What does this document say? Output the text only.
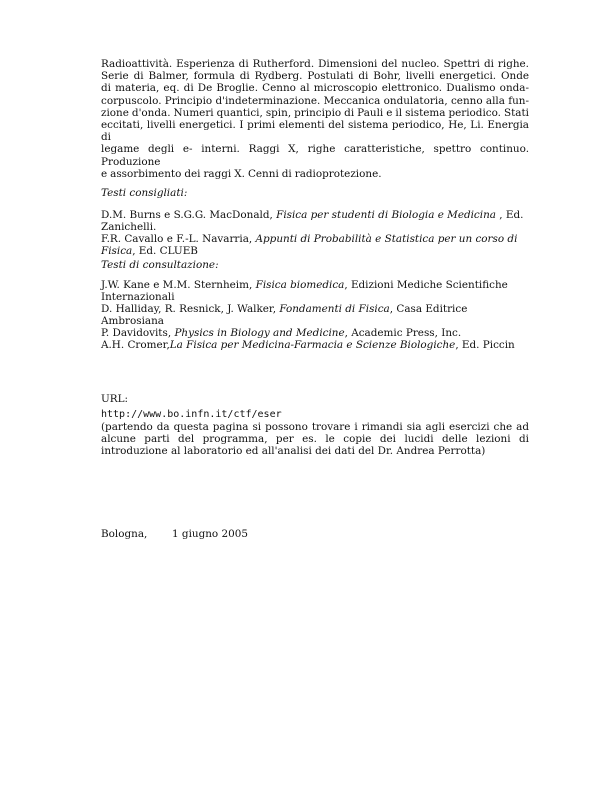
Radioattività. Esperienza di Rutherford. Dimensioni del nucleo. Spettri di righe.
Serie di Balmer, formula di Rydberg. Postulati di Bohr, livelli energetici. Onde
di materia, eq. di De Broglie. Cenno al microscopio elettronico. Dualismo onda-
corpuscolo. Principio d'indeterminazione. Meccanica ondulatoria, cenno alla fun-
zione d'onda. Numeri quantici, spin, principio di Pauli e il sistema periodico. Stati
eccitati, livelli energetici. I primi elementi del sistema periodico, He, Li. Energia di
legame degli e- interni. Raggi X, righe caratteristiche, spettro continuo. Produzione
e assorbimento dei raggi X. Cenni di radioprotezione.

Testi consigliati:

D.M. Burns e S.G.G. MacDonald, Fisica per studenti di Biologia e Medicina , Ed. Zanichelli.

F.R. Cavallo e F.-L. Navarria, Appunti di Probabilità e Statistica per un corso di Fisica, Ed. CLUEB

Testi di consultazione:

J.W. Kane e M.M. Sternheim, Fisica biomedica, Edizioni Mediche Scientifiche Internazionali

D. Halliday, R. Resnick, J. Walker, Fondamenti di Fisica, Casa Editrice Ambrosiana

P. Davidovits, Physics in Biology and Medicine, Academic Press, Inc.

A.H. Cromer,La Fisica per Medicina-Farmacia e Scienze Biologiche, Ed. Piccin

URL:

http://www.bo.infn.it/ctf/eser

(partendo da questa pagina si possono trovare i rimandi sia agli esercizi che ad alcune parti del programma, per es. le copie dei lucidi delle lezioni di introduzione al laboratorio ed all'analisi dei dati del Dr. Andrea Perrotta)

Bologna, 1 giugno 2005
